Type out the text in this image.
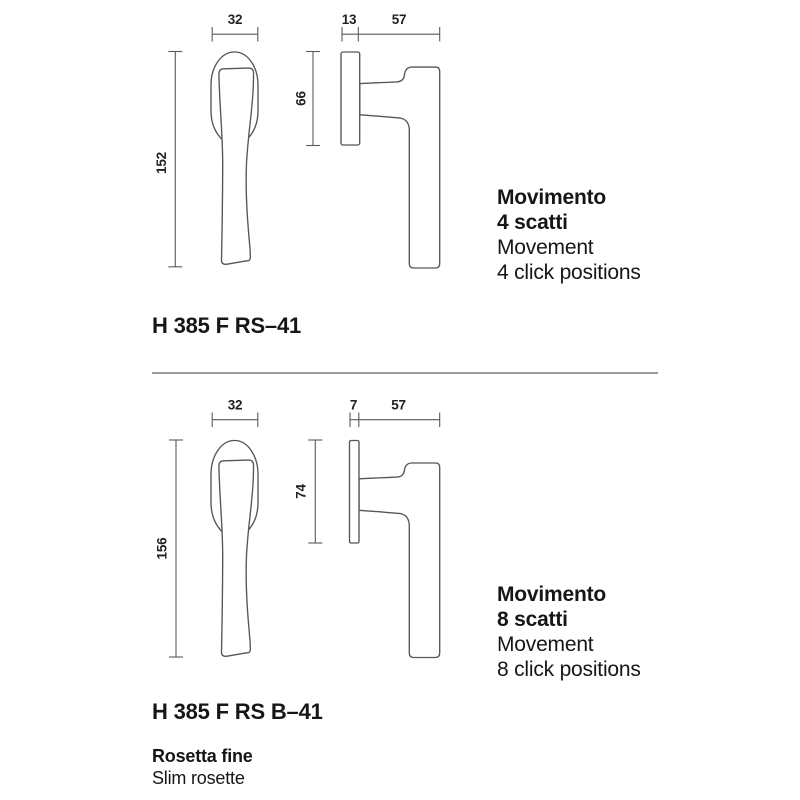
32	13	57
152
66
32	7	57
156
74
Movimento
4 scatti
Movement
4 click positions
H 385 F RS–41
Movimento
8 scatti
Movement
8 click positions
H 385 F RS B–41
Rosetta fine
Slim rosette
